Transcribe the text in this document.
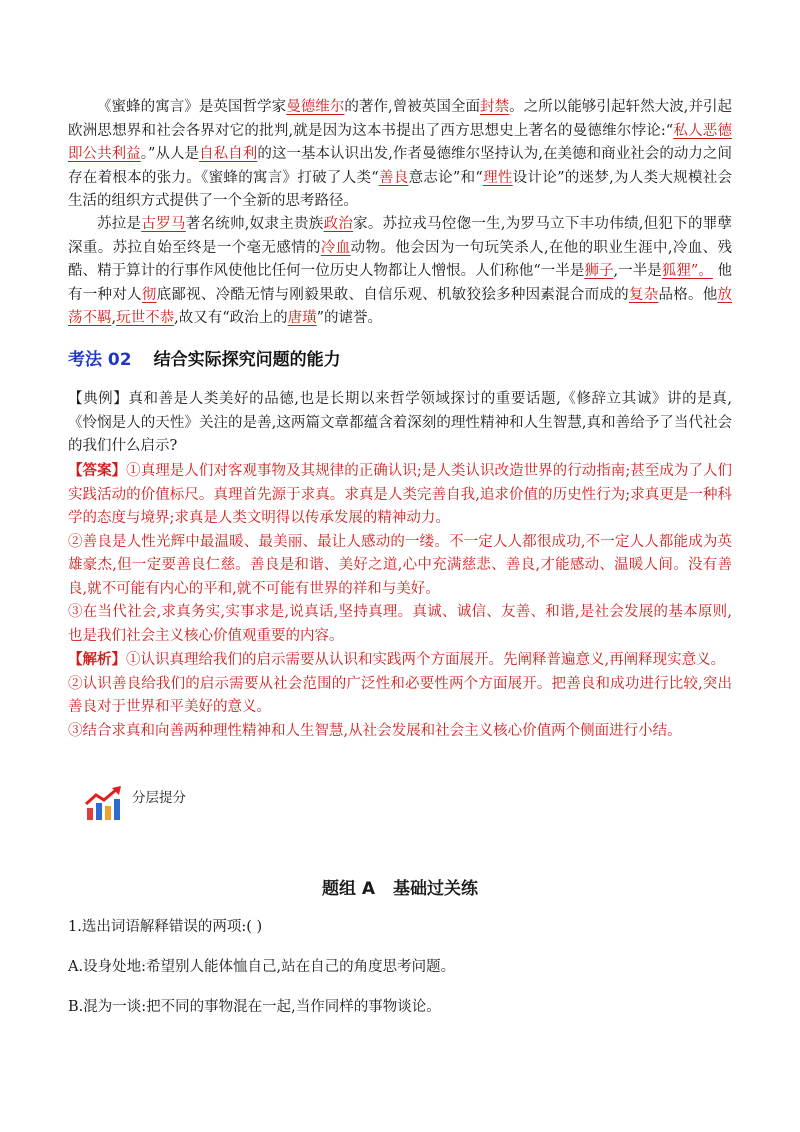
《蜜蜂的寓言》是英国哲学家曼德维尔的著作,曾被英国全面封禁。之所以能够引起轩然大波,并引起欧洲思想界和社会各界对它的批判,就是因为这本书提出了西方思想史上著名的曼德维尔悖论:“私人恶德即公共利益。”从人是自私自利的这一基本认识出发,作者曼德维尔坚持认为,在美德和商业社会的动力之间存在着根本的张力。《蜜蜂的寓言》打破了人类“善良意志论”和“理性设计论”的迷梦,为人类大规模社会生活的组织方式提供了一个全新的思考路径。

苏拉是古罗马著名统帅,奴隶主贵族政治家。苏拉戎马倥偬一生,为罗马立下丰功伟绩,但犯下的罪孽深重。苏拉自始至终是一个毫无感情的冷血动物。他会因为一句玩笑杀人,在他的职业生涯中,冷血、残酷、精于算计的行事作风使他比任何一位历史人物都让人憎恨。人们称他“一半是狮子,一半是狐狸”。 他有一种对人彻底鄙视、冷酷无情与刚毅果敢、自信乐观、机敏狡狯多种因素混合而成的复杂品格。他放荡不羁,玩世不恭,故又有“政治上的唐璜”的谑誉。

考法 02 结合实际探究问题的能力

【典例】真和善是人类美好的品德,也是长期以来哲学领域探讨的重要话题,《修辞立其诚》讲的是真,《怜悯是人的天性》关注的是善,这两篇文章都蕴含着深刻的理性精神和人生智慧,真和善给予了当代社会的我们什么启示?

【答案】①真理是人们对客观事物及其规律的正确认识;是人类认识改造世界的行动指南;甚至成为了人们实践活动的价值标尺。真理首先源于求真。求真是人类完善自我,追求价值的历史性行为;求真更是一种科学的态度与境界;求真是人类文明得以传承发展的精神动力。

②善良是人性光辉中最温暖、最美丽、最让人感动的一缕。不一定人人都很成功,不一定人人都能成为英雄豪杰,但一定要善良仁慈。善良是和谐、美好之道,心中充满慈悲、善良,才能感动、温暖人间。没有善良,就不可能有内心的平和,就不可能有世界的祥和与美好。

③在当代社会,求真务实,实事求是,说真话,坚持真理。真诚、诚信、友善、和谐,是社会发展的基本原则,也是我们社会主义核心价值观重要的内容。

【解析】①认识真理给我们的启示需要从认识和实践两个方面展开。先阐释普遍意义,再阐释现实意义。

②认识善良给我们的启示需要从社会范围的广泛性和必要性两个方面展开。把善良和成功进行比较,突出善良对于世界和平美好的意义。

③结合求真和向善两种理性精神和人生智慧,从社会发展和社会主义核心价值两个侧面进行小结。

分层提分

题组 A 基础过关练

1.选出词语解释错误的两项:( )

A.设身处地:希望别人能体恤自己,站在自己的角度思考问题。

B.混为一谈:把不同的事物混在一起,当作同样的事物谈论。
